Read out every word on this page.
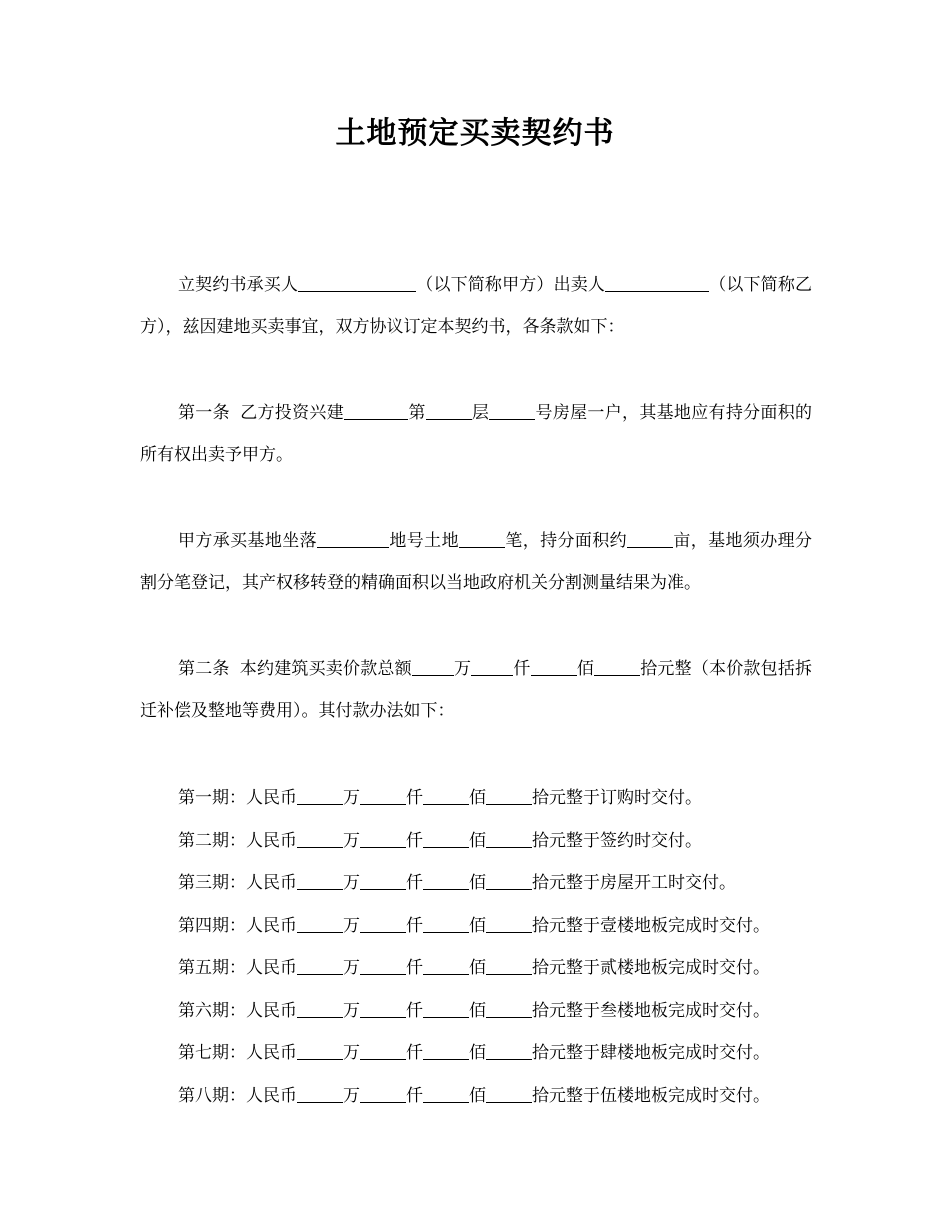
土地预定买卖契约书

立契约书承买人	（以下简称甲方）出卖人	（以下简称乙方），兹因建地买卖事宜，双方协议订定本契约书，各条款如下：

第一条 乙方投资兴建	第	层	号房屋一户，其基地应有持分面积的所有权出卖予甲方。

甲方承买基地坐落	地号土地	笔，持分面积约	亩，基地须办理分割分笔登记，其产权移转登的精确面积以当地政府机关分割测量结果为准。

第二条 本约建筑买卖价款总额 万 仟	佰	拾元整（本价款包括拆迁补偿及整地等费用）。其付款办法如下：

第一期：人民币	万	仟	佰	拾元整于订购时交付。
第二期：人民币	万	仟	佰	拾元整于签约时交付。
第三期：人民币	万	仟	佰	拾元整于房屋开工时交付。
第四期：人民币	万	仟	佰	拾元整于壹楼地板完成时交付。
第五期：人民币	万	仟	佰	拾元整于贰楼地板完成时交付。
第六期：人民币	万	仟	佰	拾元整于叁楼地板完成时交付。
第七期：人民币	万	仟	佰	拾元整于肆楼地板完成时交付。
第八期：人民币	万	仟	佰	拾元整于伍楼地板完成时交付。
